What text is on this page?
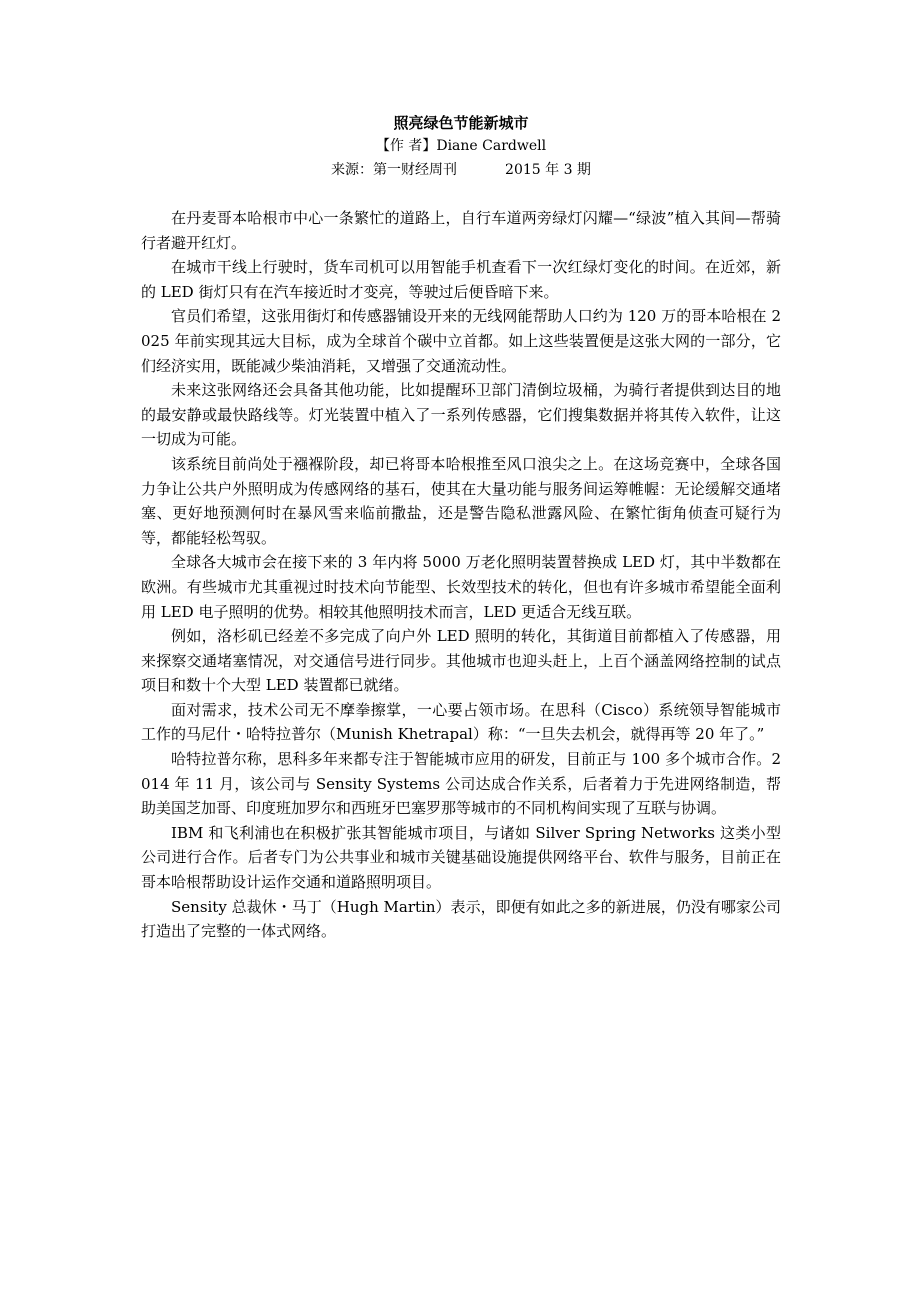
照亮绿色节能新城市

【作 者】Diane Cardwell

来源：第一财经周刊	2015 年 3 期

在丹麦哥本哈根市中心一条繁忙的道路上，自行车道两旁绿灯闪耀—“绿波”植入其间—帮骑行者避开红灯。

在城市干线上行驶时，货车司机可以用智能手机查看下一次红绿灯变化的时间。在近郊，新的 LED 街灯只有在汽车接近时才变亮，等驶过后便昏暗下来。

官员们希望，这张用街灯和传感器铺设开来的无线网能帮助人口约为 120 万的哥本哈根在 2025 年前实现其远大目标，成为全球首个碳中立首都。如上这些装置便是这张大网的一部分，它们经济实用，既能减少柴油消耗，又增强了交通流动性。

未来这张网络还会具备其他功能，比如提醒环卫部门清倒垃圾桶，为骑行者提供到达目的地的最安静或最快路线等。灯光装置中植入了一系列传感器，它们搜集数据并将其传入软件，让这一切成为可能。

该系统目前尚处于襁褓阶段，却已将哥本哈根推至风口浪尖之上。在这场竞赛中，全球各国力争让公共户外照明成为传感网络的基石，使其在大量功能与服务间运筹帷幄：无论缓解交通堵塞、更好地预测何时在暴风雪来临前撒盐，还是警告隐私泄露风险、在繁忙街角侦查可疑行为等，都能轻松驾驭。

全球各大城市会在接下来的 3 年内将 5000 万老化照明装置替换成 LED 灯，其中半数都在欧洲。有些城市尤其重视过时技术向节能型、长效型技术的转化，但也有许多城市希望能全面利用 LED 电子照明的优势。相较其他照明技术而言，LED 更适合无线互联。

例如，洛杉矶已经差不多完成了向户外 LED 照明的转化，其街道目前都植入了传感器，用来探察交通堵塞情况，对交通信号进行同步。其他城市也迎头赶上，上百个涵盖网络控制的试点项目和数十个大型 LED 装置都已就绪。

面对需求，技术公司无不摩拳擦掌，一心要占领市场。在思科（Cisco）系统领导智能城市工作的马尼什・哈特拉普尔（Munish Khetrapal）称：“一旦失去机会，就得再等 20 年了。”

哈特拉普尔称，思科多年来都专注于智能城市应用的研发，目前正与 100 多个城市合作。2014 年 11 月，该公司与 Sensity Systems 公司达成合作关系，后者着力于先进网络制造，帮助美国芝加哥、印度班加罗尔和西班牙巴塞罗那等城市的不同机构间实现了互联与协调。

IBM 和飞利浦也在积极扩张其智能城市项目，与诸如 Silver Spring Networks 这类小型公司进行合作。后者专门为公共事业和城市关键基础设施提供网络平台、软件与服务，目前正在哥本哈根帮助设计运作交通和道路照明项目。

Sensity 总裁休・马丁（Hugh Martin）表示，即便有如此之多的新进展，仍没有哪家公司打造出了完整的一体式网络。
